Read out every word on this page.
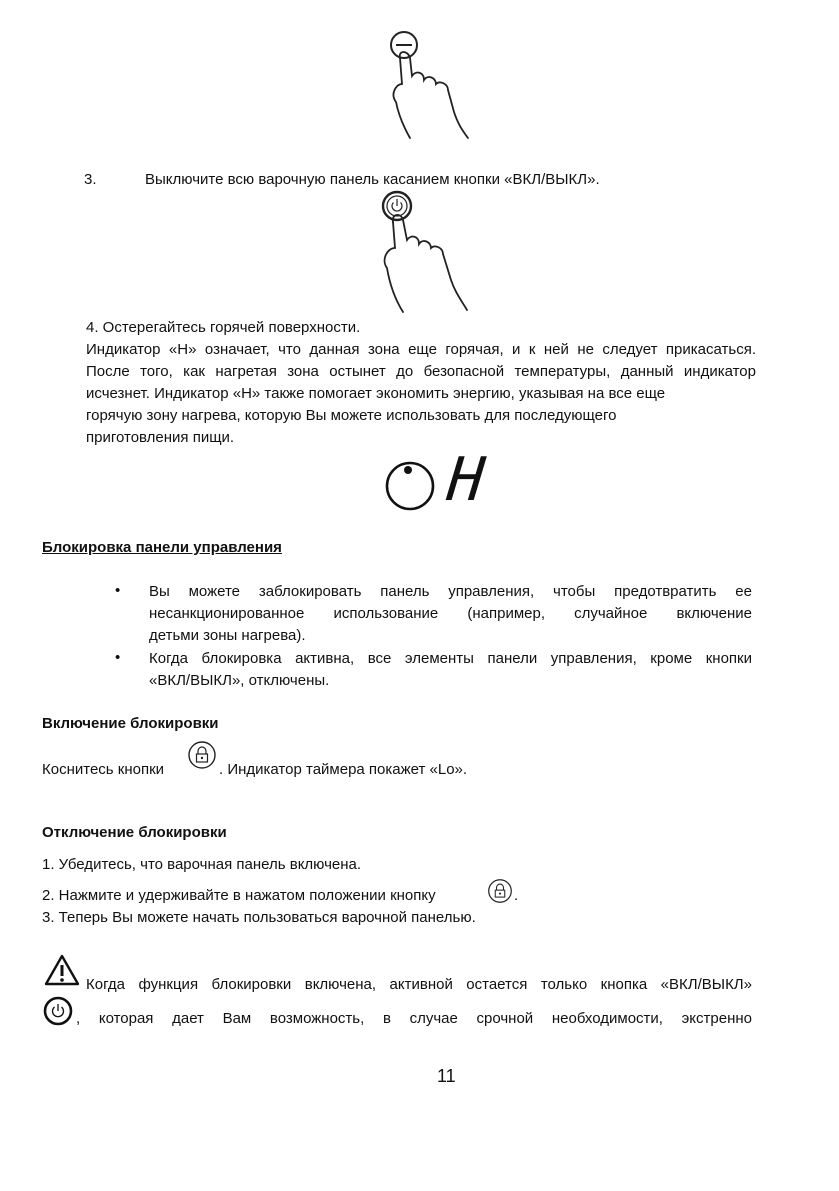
3.	Выключите всю варочную панель касанием кнопки «ВКЛ/ВЫКЛ».
4. Остерегайтесь горячей поверхности.
Индикатор «H» означает, что данная зона еще горячая, и к ней не следует прикасаться.
После того, как нагретая зона остынет до безопасной температуры, данный индикатор
исчезнет. Индикатор «H» также помогает экономить энергию, указывая на все еще
горячую зону нагрева, которую Вы можете использовать для последующего
приготовления пищи.
H
Блокировка панели управления
• Вы можете заблокировать панель управления, чтобы предотвратить ее
несанкционированное использование (например, случайное включение
детьми зоны нагрева).
• Когда блокировка активна, все элементы панели управления, кроме кнопки
«ВКЛ/ВЫКЛ», отключены.
Включение блокировки
Коснитесь кнопки	. Индикатор таймера покажет «Lo».
Отключение блокировки
1. Убедитесь, что варочная панель включена.
2. Нажмите и удерживайте в нажатом положении кнопку	.
3. Теперь Вы можете начать пользоваться варочной панелью.
Когда функция блокировки включена, активной остается только кнопка «ВКЛ/ВЫКЛ»
, которая дает Вам возможность, в случае срочной необходимости, экстренно
11
